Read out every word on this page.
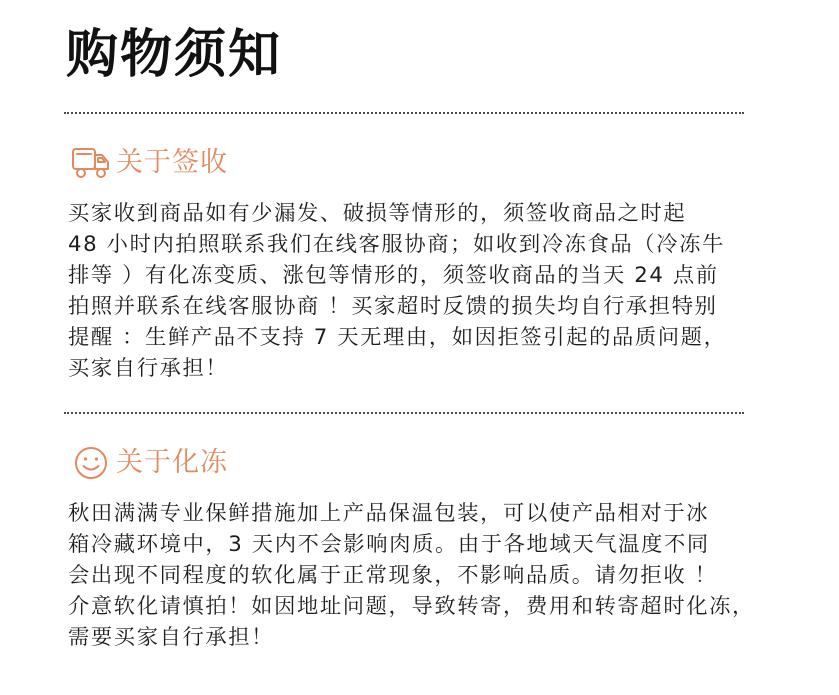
购物须知
关于签收
买家收到商品如有少漏发、破损等情形的，须签收商品之时起
48 小时内拍照联系我们在线客服协商；如收到冷冻食品（冷冻牛
排等 ）有化冻变质、涨包等情形的，须签收商品的当天 24 点前
拍照并联系在线客服协商 ！买家超时反馈的损失均自行承担特别
提醒 ：生鲜产品不支持 7 天无理由，如因拒签引起的品质问题，
买家自行承担！
关于化冻
秋田满满专业保鲜措施加上产品保温包装，可以使产品相对于冰
箱冷藏环境中，3 天内不会影响肉质。由于各地域天气温度不同
会出现不同程度的软化属于正常现象，不影响品质。请勿拒收 ！
介意软化请慎拍！如因地址问题，导致转寄，费用和转寄超时化冻，
需要买家自行承担！
